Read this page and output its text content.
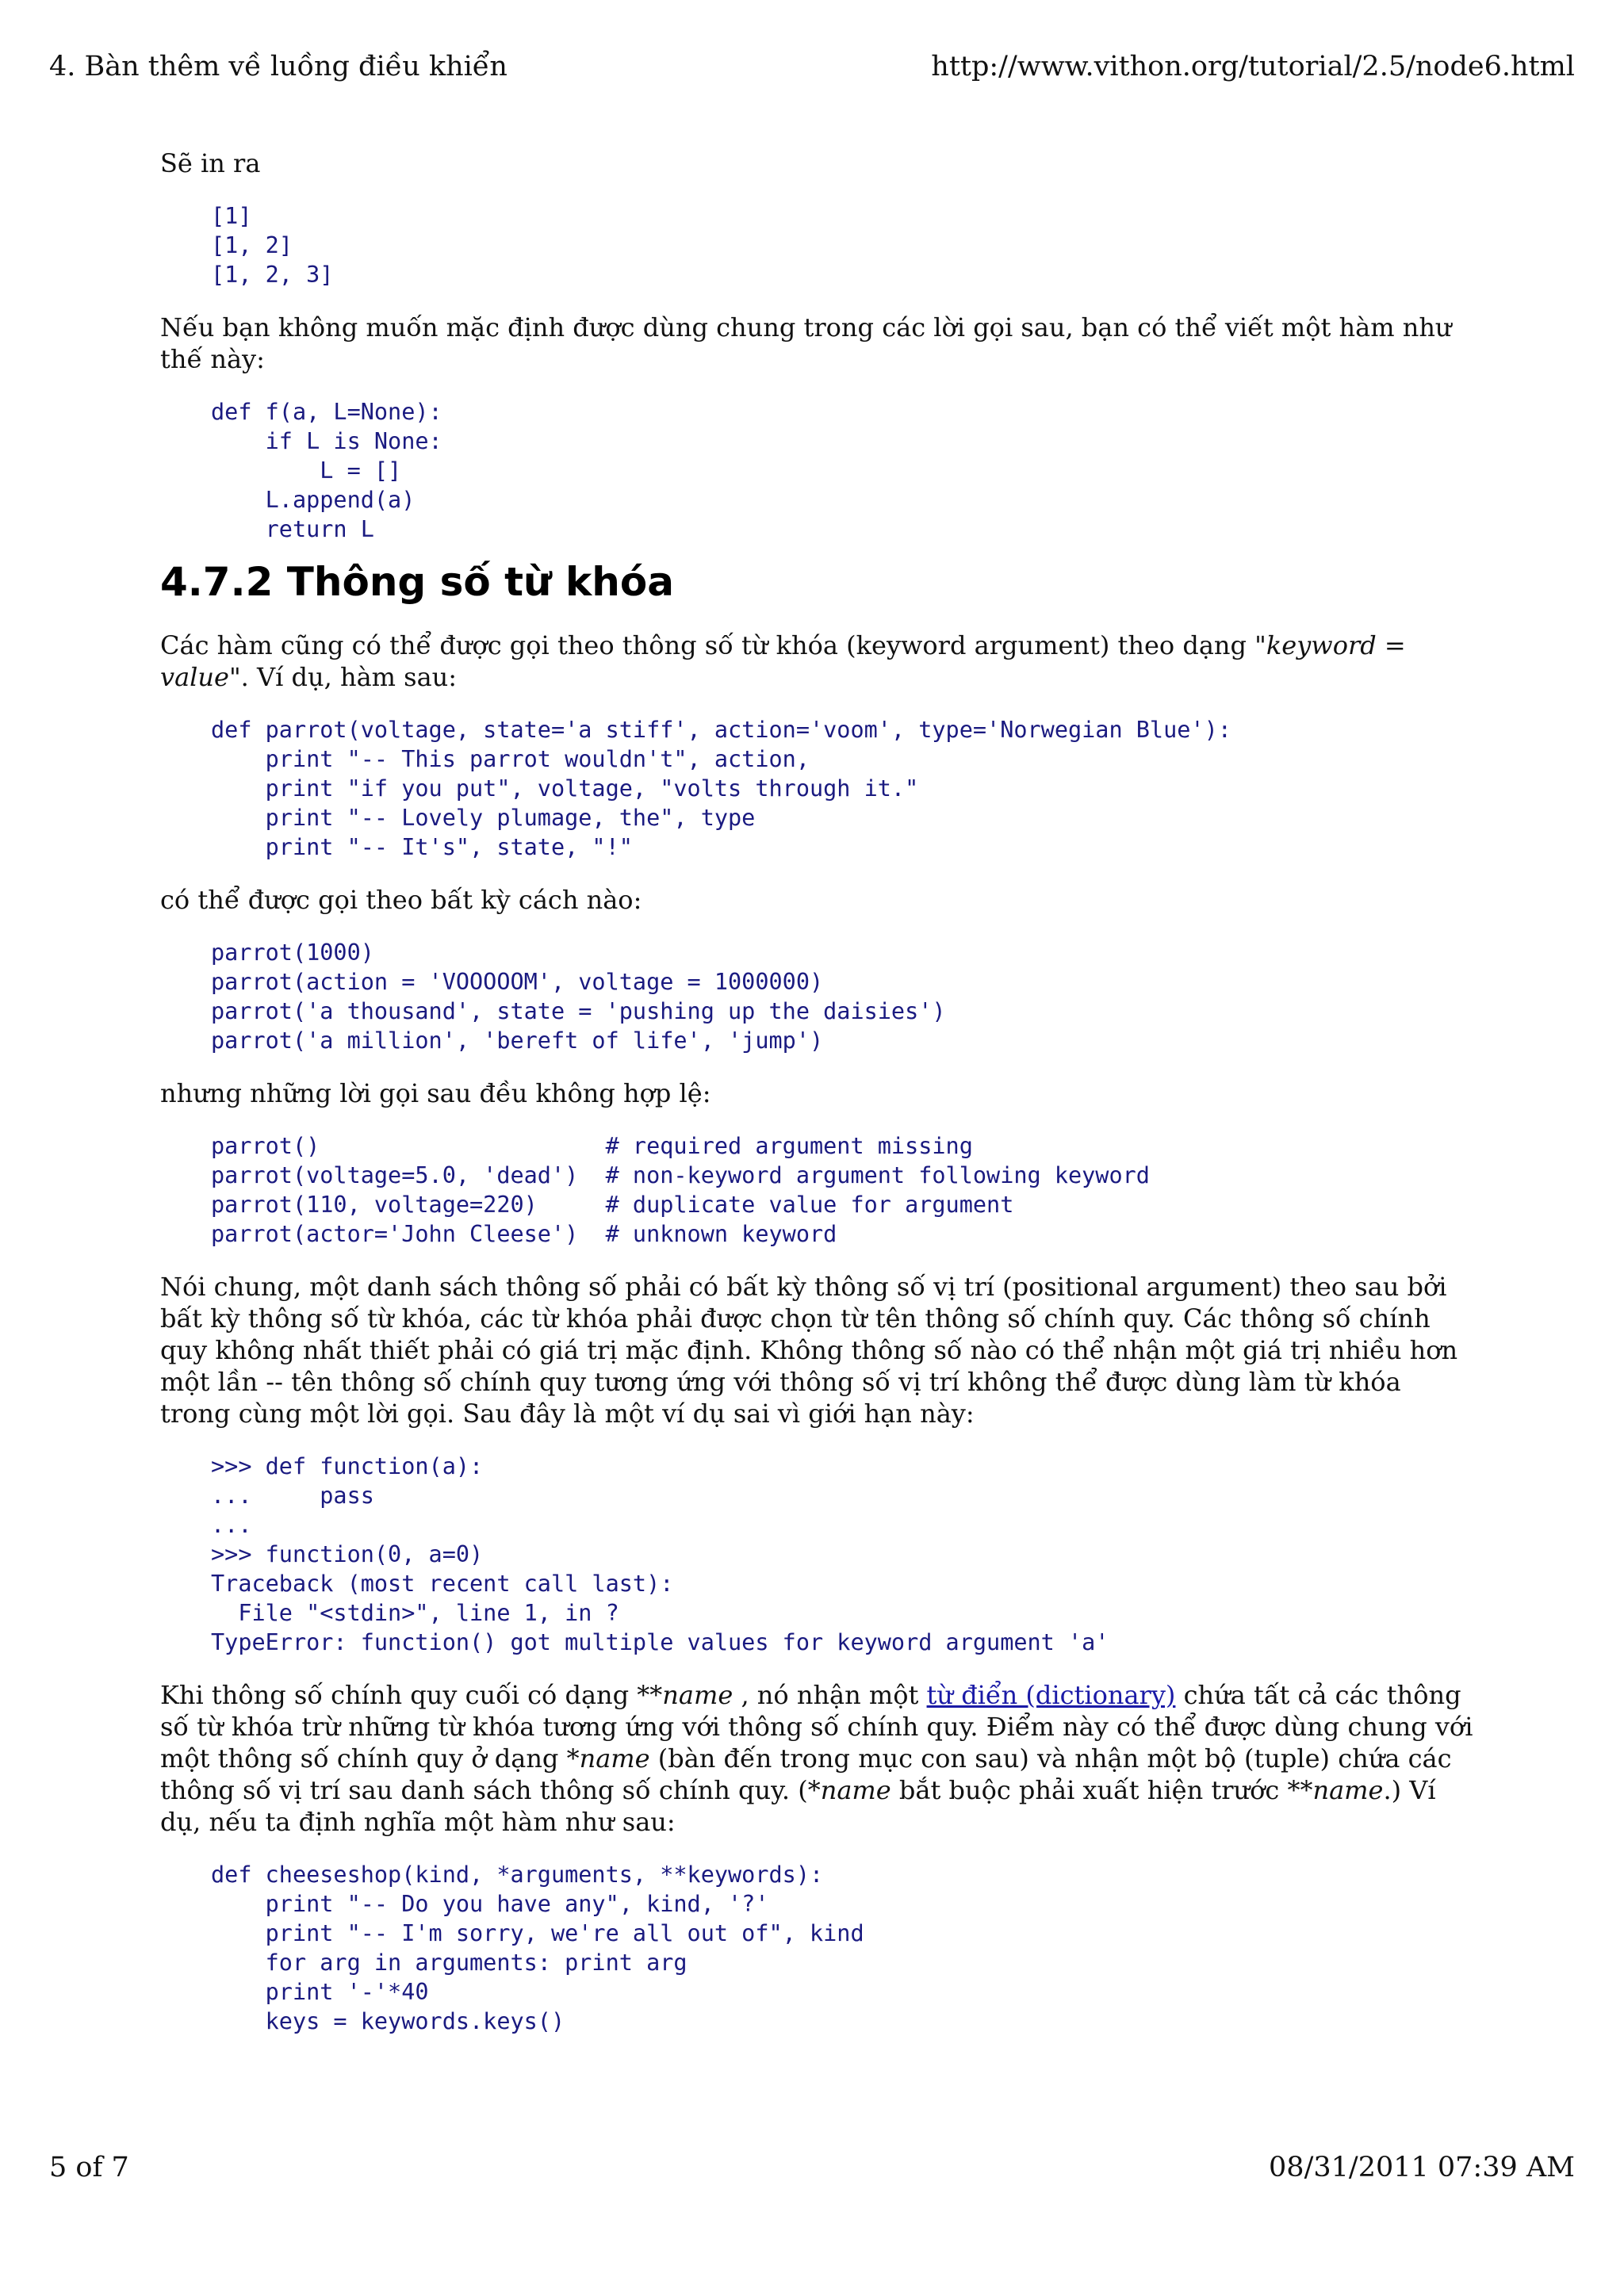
4. Bàn thêm về luồng điều khiển	http://www.vithon.org/tutorial/2.5/node6.html

Sẽ in ra

[1]
[1, 2]
[1, 2, 3]

Nếu bạn không muốn mặc định được dùng chung trong các lời gọi sau, bạn có thể viết một hàm như thế này:

def f(a, L=None):
if L is None:
L = []
L.append(a)
return L
4.7.2 Thông số từ khóa

Các hàm cũng có thể được gọi theo thông số từ khóa (keyword argument) theo dạng "keyword = value". Ví dụ, hàm sau:

def parrot(voltage, state='a stiff', action='voom', type='Norwegian Blue'):
print "-- This parrot wouldn't", action,
print "if you put", voltage, "volts through it."
print "-- Lovely plumage, the", type
print "-- It's", state, "!"

có thể được gọi theo bất kỳ cách nào:

parrot(1000)
parrot(action = 'VOOOOOM', voltage = 1000000)
parrot('a thousand', state = 'pushing up the daisies')
parrot('a million', 'bereft of life', 'jump')

nhưng những lời gọi sau đều không hợp lệ:

parrot()                     # required argument missing
parrot(voltage=5.0, 'dead')  # non-keyword argument following keyword
parrot(110, voltage=220)     # duplicate value for argument
parrot(actor='John Cleese')  # unknown keyword

Nói chung, một danh sách thông số phải có bất kỳ thông số vị trí (positional argument) theo sau bởi bất kỳ thông số từ khóa, các từ khóa phải được chọn từ tên thông số chính quy. Các thông số chính quy không nhất thiết phải có giá trị mặc định. Không thông số nào có thể nhận một giá trị nhiều hơn một lần -- tên thông số chính quy tương ứng với thông số vị trí không thể được dùng làm từ khóa trong cùng một lời gọi. Sau đây là một ví dụ sai vì giới hạn này:

>>> def function(a):
...     pass
...
>>> function(0, a=0)
Traceback (most recent call last):
File "<stdin>", line 1, in ?
TypeError: function() got multiple values for keyword argument 'a'

Khi thông số chính quy cuối có dạng **name , nó nhận một từ điển (dictionary) chứa tất cả các thông số từ khóa trừ những từ khóa tương ứng với thông số chính quy. Điểm này có thể được dùng chung với một thông số chính quy ở dạng *name (bàn đến trong mục con sau) và nhận một bộ (tuple) chứa các thông số vị trí sau danh sách thông số chính quy. (*name bắt buộc phải xuất hiện trước **name.) Ví dụ, nếu ta định nghĩa một hàm như sau:

def cheeseshop(kind, *arguments, **keywords):
print "-- Do you have any", kind, '?'
print "-- I'm sorry, we're all out of", kind
for arg in arguments: print arg
print '-'*40
keys = keywords.keys()
5 of 7	08/31/2011 07:39 AM
